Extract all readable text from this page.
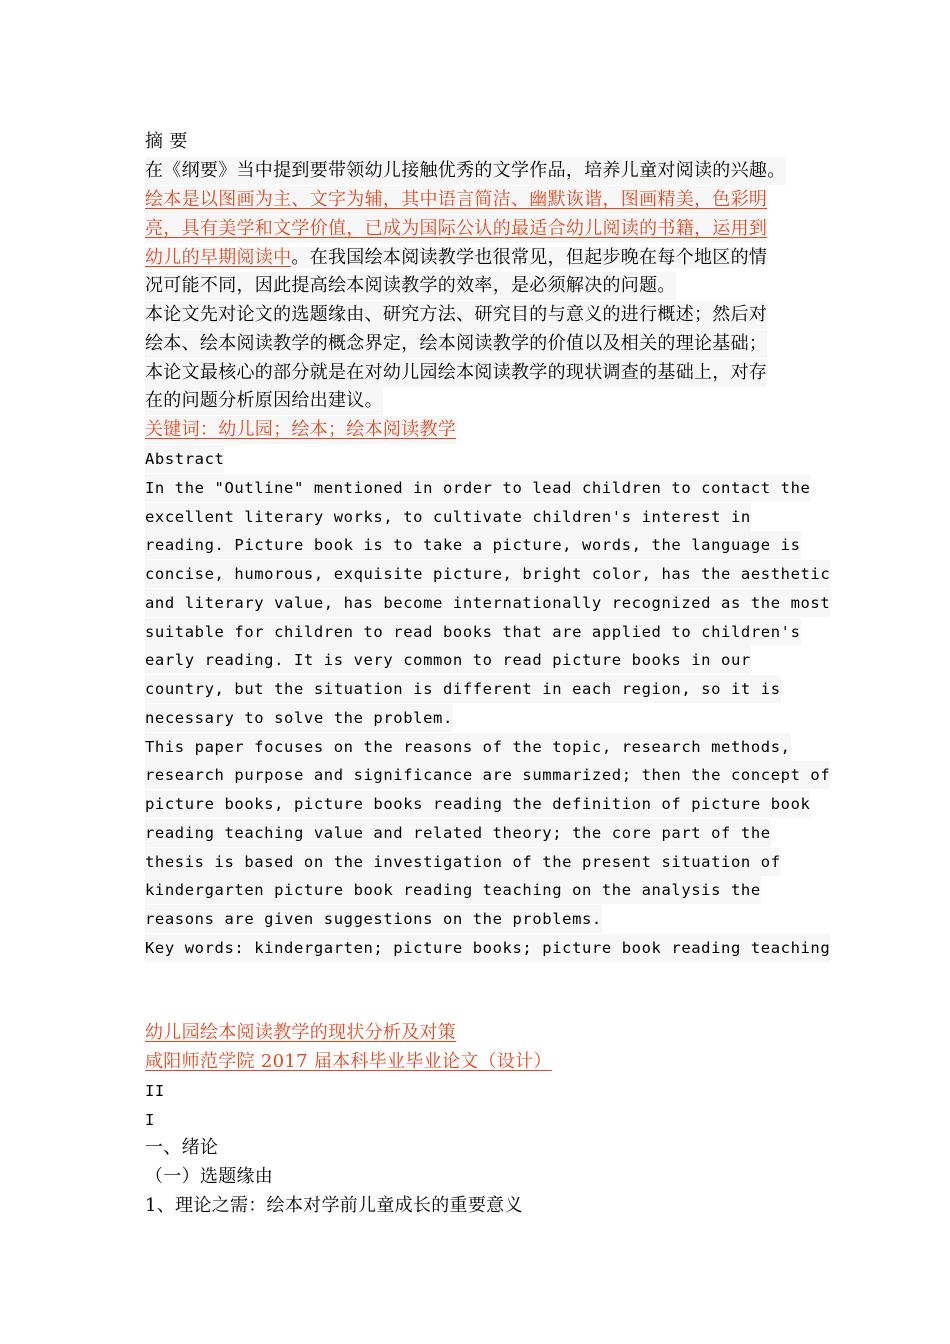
摘 要
在《纲要》当中提到要带领幼儿接触优秀的文学作品，培养儿童对阅读的兴趣。
绘本是以图画为主、文字为辅，其中语言简洁、幽默诙谐，图画精美，色彩明
亮，具有美学和文学价值，已成为国际公认的最适合幼儿阅读的书籍，运用到
幼儿的早期阅读中。在我国绘本阅读教学也很常见，但起步晚在每个地区的情
况可能不同，因此提高绘本阅读教学的效率，是必须解决的问题。
本论文先对论文的选题缘由、研究方法、研究目的与意义的进行概述；然后对
绘本、绘本阅读教学的概念界定，绘本阅读教学的价值以及相关的理论基础；
本论文最核心的部分就是在对幼儿园绘本阅读教学的现状调查的基础上，对存
在的问题分析原因给出建议。
关键词：幼儿园；绘本；绘本阅读教学
Abstract
In the "Outline" mentioned in order to lead children to contact the
excellent literary works, to cultivate children's interest in
reading. Picture book is to take a picture, words, the language is
concise, humorous, exquisite picture, bright color, has the aesthetic
and literary value, has become internationally recognized as the most
suitable for children to read books that are applied to children's
early reading. It is very common to read picture books in our
country, but the situation is different in each region, so it is
necessary to solve the problem.
This paper focuses on the reasons of the topic, research methods,
research purpose and significance are summarized; then the concept of
picture books, picture books reading the definition of picture book
reading teaching value and related theory; the core part of the
thesis is based on the investigation of the present situation of
kindergarten picture book reading teaching on the analysis the
reasons are given suggestions on the problems.
Key words: kindergarten; picture books; picture book reading teaching
幼儿园绘本阅读教学的现状分析及对策
咸阳师范学院 2017 届本科毕业毕业论文（设计）
II
I
一、绪论
（一）选题缘由
1、理论之需：绘本对学前儿童成长的重要意义
